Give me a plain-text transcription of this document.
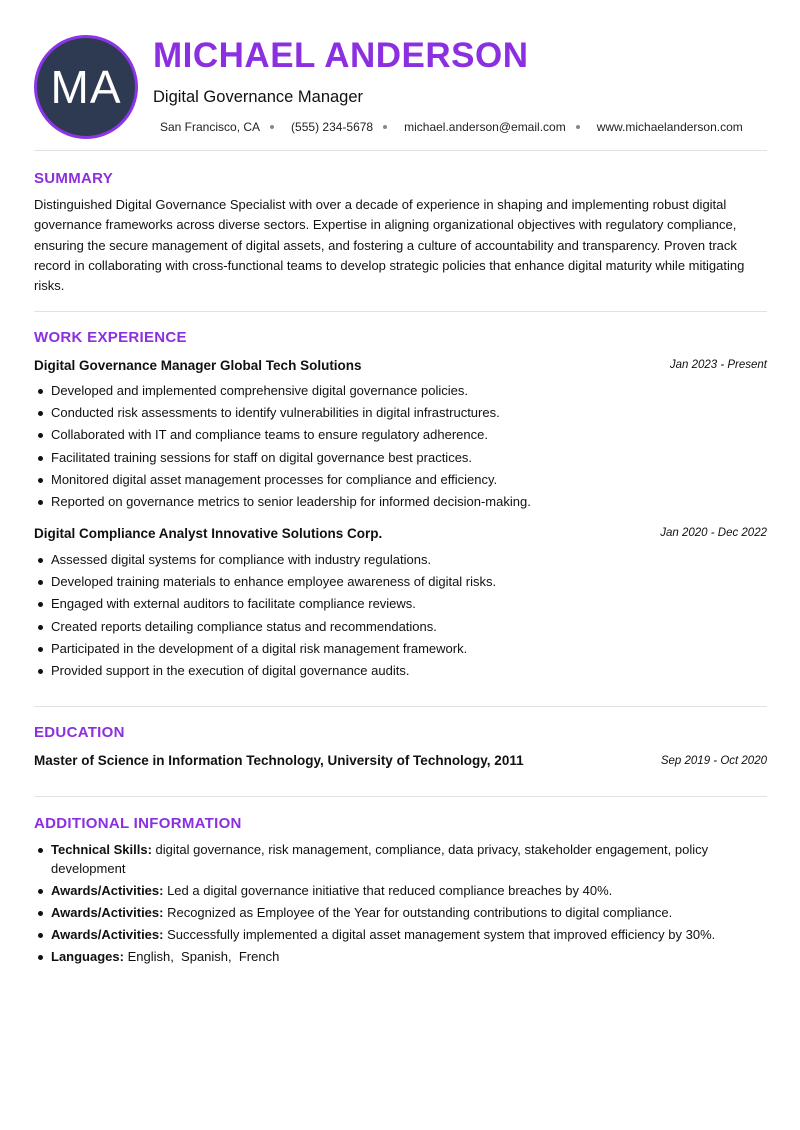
MA
MICHAEL ANDERSON
Digital Governance Manager
San Francisco, CA	(555) 234-5678	michael.anderson@email.com	www.michaelanderson.com
SUMMARY

Distinguished Digital Governance Specialist with over a decade of experience in shaping and implementing robust digital governance frameworks across diverse sectors. Expertise in aligning organizational objectives with regulatory compliance, ensuring the secure management of digital assets, and fostering a culture of accountability and transparency. Proven track record in collaborating with cross-functional teams to develop strategic policies that enhance digital maturity while mitigating risks.

WORK EXPERIENCE
Digital Governance Manager Global Tech Solutions	Jan 2023 - Present
Developed and implemented comprehensive digital governance policies.
Conducted risk assessments to identify vulnerabilities in digital infrastructures.
Collaborated with IT and compliance teams to ensure regulatory adherence.
Facilitated training sessions for staff on digital governance best practices.
Monitored digital asset management processes for compliance and efficiency.
Reported on governance metrics to senior leadership for informed decision-making.
Digital Compliance Analyst Innovative Solutions Corp.	Jan 2020 - Dec 2022
Assessed digital systems for compliance with industry regulations.
Developed training materials to enhance employee awareness of digital risks.
Engaged with external auditors to facilitate compliance reviews.
Created reports detailing compliance status and recommendations.
Participated in the development of a digital risk management framework.
Provided support in the execution of digital governance audits.
EDUCATION
Master of Science in Information Technology, University of Technology, 2011	Sep 2019 - Oct 2020
ADDITIONAL INFORMATION
Technical Skills: digital governance, risk management, compliance, data privacy, stakeholder engagement, policy development
Awards/Activities: Led a digital governance initiative that reduced compliance breaches by 40%.
Awards/Activities: Recognized as Employee of the Year for outstanding contributions to digital compliance.
Awards/Activities: Successfully implemented a digital asset management system that improved efficiency by 30%.
Languages: English,  Spanish,  French
